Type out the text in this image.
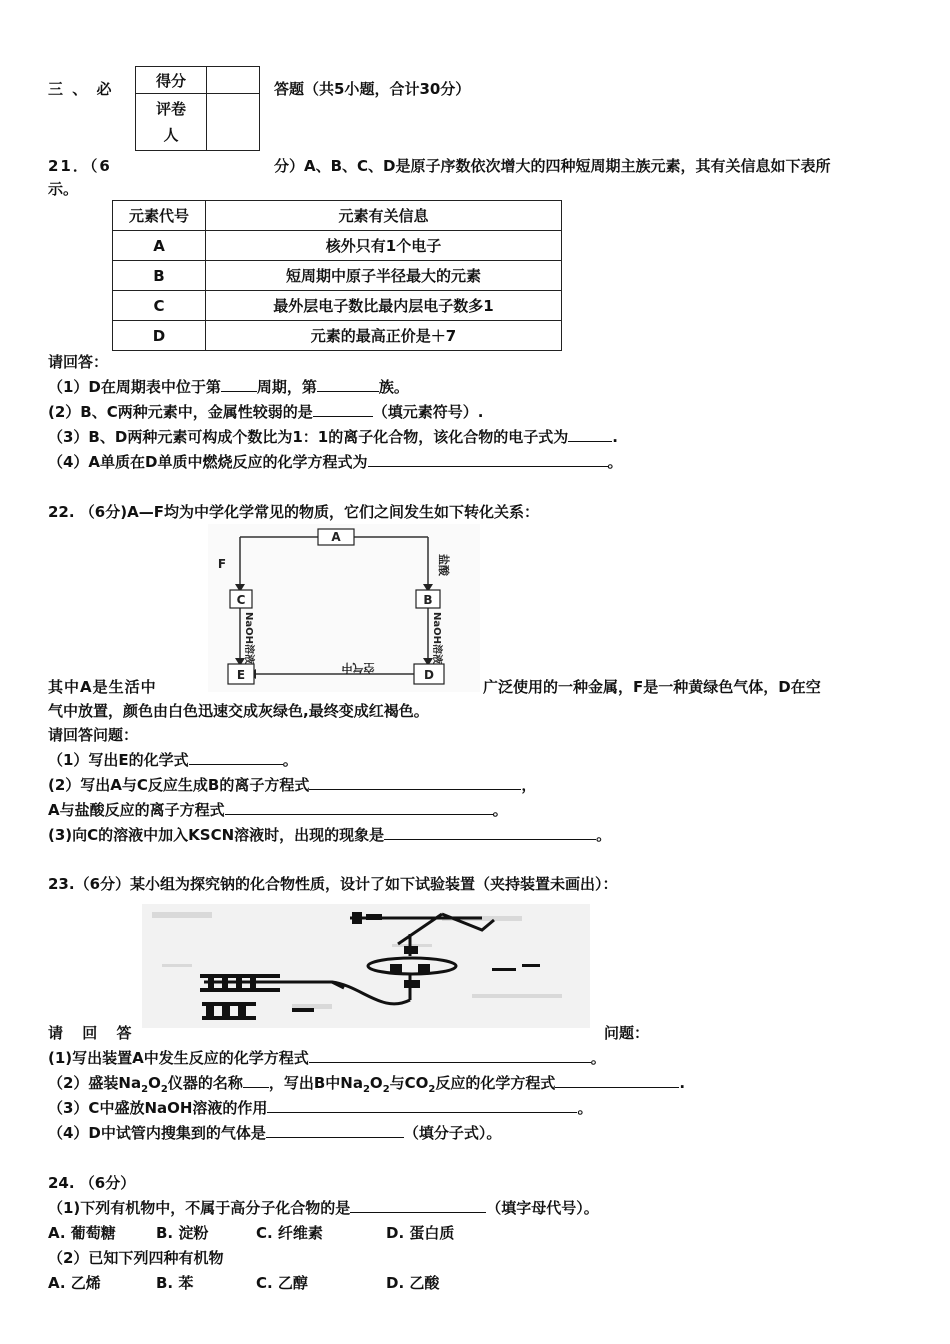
三 、 必	得分	
评卷
人	
答题（共5小题，合计30分）
21．（6	分）A、B、C、D是原子序数依次增大的四种短周期主族元素，其有关信息如下表所
示。
元素代号	元素有关信息
A	核外只有1个电子
B	短周期中原子半径最大的元素
C	最外层电子数比最内层电子数多1
D	元素的最高正价是＋7
请回答：
（1）D在周期表中位于第 周期，第	族。
(2）B、C两种元素中，金属性较弱的是	（填元素符号）.
（3）B、D两种元素可构成个数比为1：1的离子化合物，该化合物的电子式为	.
（4）A单质在D单质中燃烧反应的化学方程式为	。
22. （6分)A—F均为中学化学常见的物质，它们之间发生如下转化关系：
A
C	B
E	D
F	盐酸
NaOH溶液	NaOH溶液
空气中
其中A是生活中	广泛使用的一种金属，F是一种黄绿色气体，D在空
气中放置，颜色由白色迅速交成灰绿色,最终变成红褐色。
请回答问题：
（1）写出E的化学式	。
(2）写出A与C反应生成B的离子方程式	，
A与盐酸反应的离子方程式	。
(3)向C的溶液中加入KSCN溶液时，出现的现象是	。
23.（6分）某小组为探究钠的化合物性质，设计了如下试验装置（夹持装置未画出）：
请 回 答	问题：
(1)写出装置A中发生反应的化学方程式	。
（2）盛装$Na_2O_2$仪器的名称 ，写出B中$Na_2O_2$与$CO_2$反应的化学方程式	.
（3）C中盛放NaOH溶液的作用	。
（4）D中试管内搜集到的气体是	（填分子式）。
24. （6分）
（1)下列有机物中，不属于高分子化合物的是	（填字母代号）。
A. 葡萄糖	B. 淀粉	C. 纤维素	D. 蛋白质
（2）已知下列四种有机物
A. 乙烯	B. 苯	C. 乙醇	D. 乙酸
